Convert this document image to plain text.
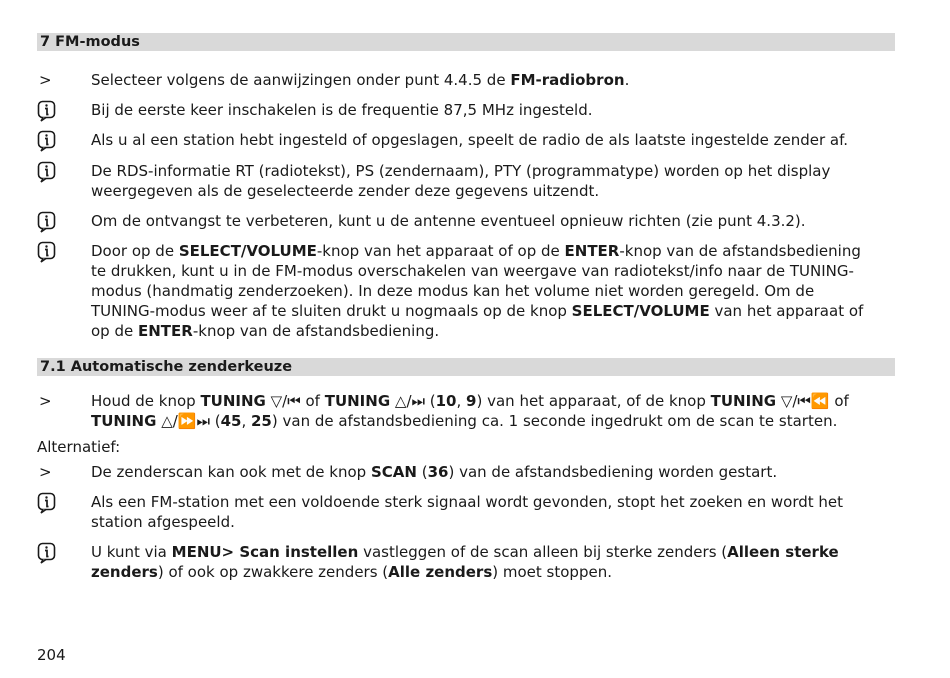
7 FM-modus
>	Selecteer volgens de aanwijzingen onder punt 4.4.5 de FM-radiobron.
Bij de eerste keer inschakelen is de frequentie 87,5 MHz ingesteld.
Als u al een station hebt ingesteld of opgeslagen, speelt de radio de als laatste ingestelde zender af.
De RDS-informatie RT (radiotekst), PS (zendernaam), PTY (programmatype) worden op het display
weergegeven als de geselecteerde zender deze gegevens uitzendt.
Om de ontvangst te verbeteren, kunt u de antenne eventueel opnieuw richten (zie punt 4.3.2).
Door op de SELECT/VOLUME-knop van het apparaat of op de ENTER-knop van de afstandsbediening
te drukken, kunt u in de FM-modus overschakelen van weergave van radiotekst/info naar de TUNING-
modus (handmatig zenderzoeken). In deze modus kan het volume niet worden geregeld. Om de
TUNING-modus weer af te sluiten drukt u nogmaals op de knop SELECT/VOLUME van het apparaat of
op de ENTER-knop van de afstandsbediening.
7.1 Automatische zenderkeuze
>	Houd de knop TUNING ▽/⏮ of TUNING △/⏭ (10, 9) van het apparaat, of de knop TUNING ▽/⏮⏪ of
TUNING △/⏩⏭ (45, 25) van de afstandsbediening ca. 1 seconde ingedrukt om de scan te starten.
Alternatief:
>	De zenderscan kan ook met de knop SCAN (36) van de afstandsbediening worden gestart.
Als een FM-station met een voldoende sterk signaal wordt gevonden, stopt het zoeken en wordt het
station afgespeeld.
U kunt via MENU> Scan instellen vastleggen of de scan alleen bij sterke zenders (Alleen sterke
zenders) of ook op zwakkere zenders (Alle zenders) moet stoppen.
204
